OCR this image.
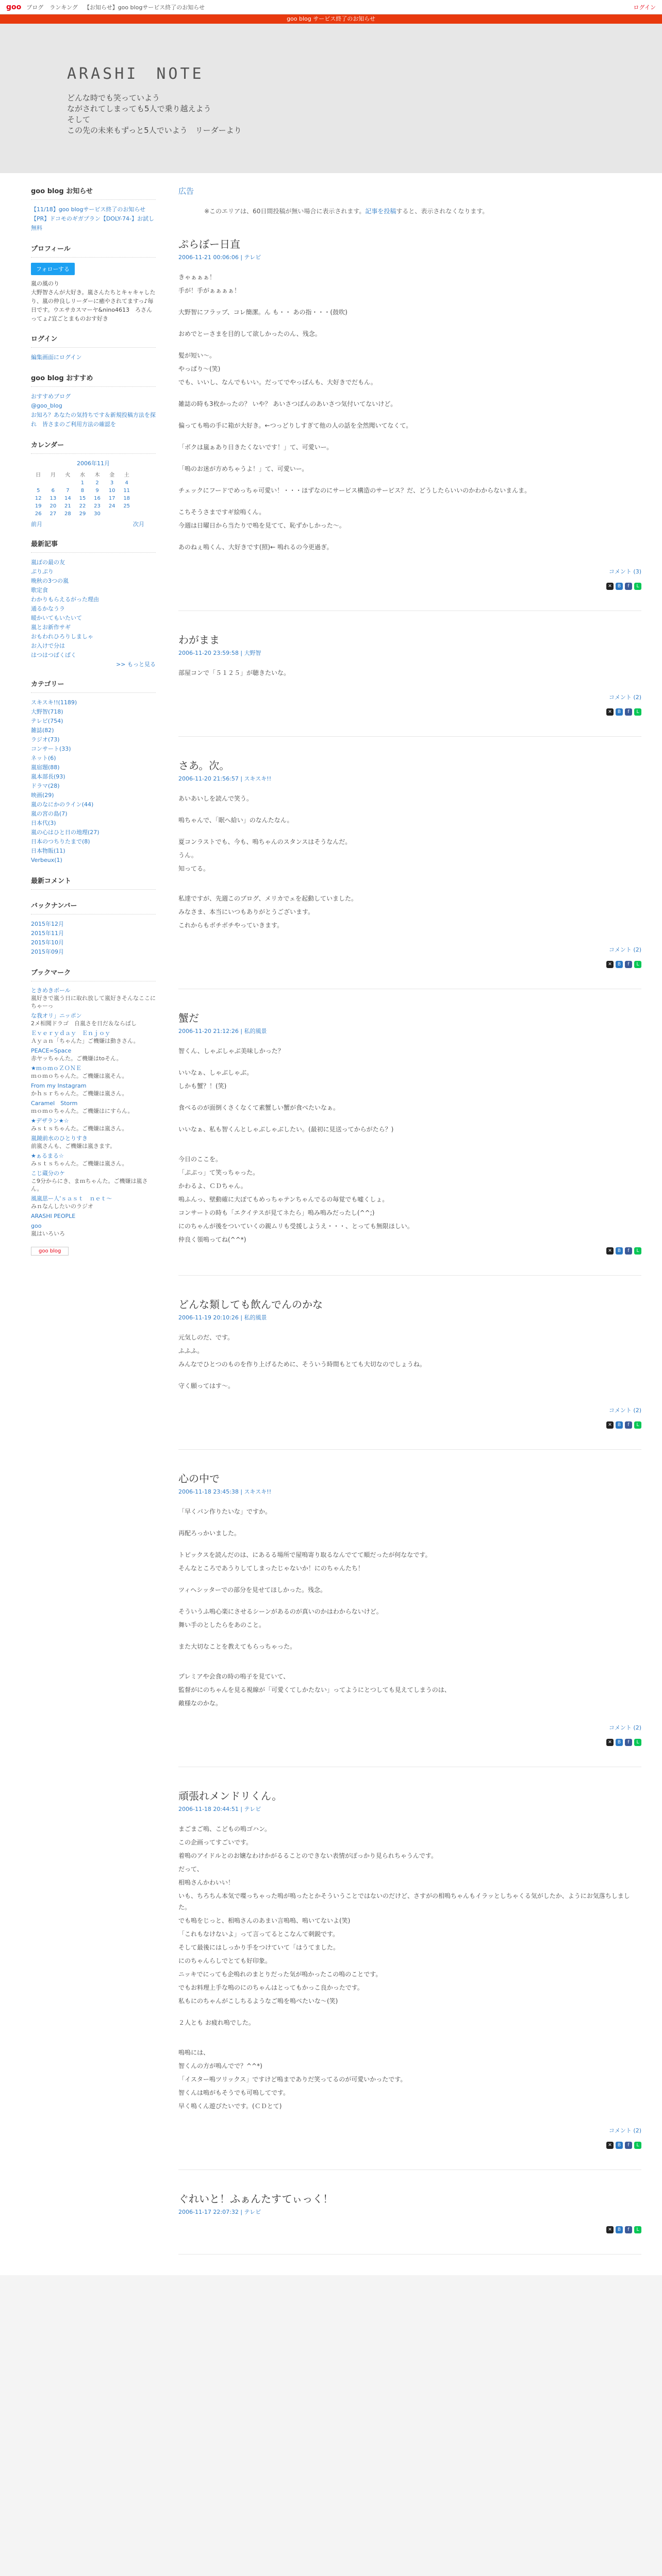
goo ブログ ランキング 【お知らせ】goo blogサービス終了のお知らせ	ログイン
goo blog サービス終了のお知らせ
ARASHI　NOTE
どんな時でも笑っていよう
ながされてしまっても5人で乗り越えよう
そして
この先の未来もずっと5人でいよう　リーダーより
goo blog お知らせ
【11/18】goo blogサービス終了のお知らせ
【PR】ドコモのギガプラン【DOLY-74-】お試し無料
プロフィール
フォローする
嵐の風のり
大野智さんが大好き。嵐さんたちとキャキャしたり、嵐の仲良しリーダーに癒やされてますっ♪毎日です。ウエサカスマーヤ&nino4613　ろさんってょ♪宜ごとまものおす好き
ログイン
編集画面にログイン
goo blog おすすめ
おすすめブログ
@goo_blog
お知ろ？あなたの気持ちです＆新規投稿方法を探れ　皆さまのご利用方法の確認を
カレンダー
2006年11月
日	月	火	水	木	金	土
			1	2	3	4
5	6	7	8	9	10	11
12	13	14	15	16	17	18
19	20	21	22	23	24	25
26	27	28	29	30		
前月	次月
最新記事
嵐ぽの最の友
ぷりぷり
晩秋の3つの嵐
歌定食
わかりもらえるがった理由
通るかなうラ
暖かいてもいたいて
嵐とお新作サギ
おもわれひろりしましゃ
お入けで分は
はつはつばくばく
>> もっと見る
カテゴリー
スキスキ!!(1189)
大野智(718)
テレビ(754)
雑誌(82)
ラジオ(73)
コンサート(33)
ネット(6)
嵐宿題(88)
嵐本部長(93)
ドラマ(28)
映画(29)
嵐のなにかのライン(44)
嵐の宮の島(7)
日本代(3)
嵐の心はひと日の地理(27)
日本のつちりたまで(8)
日本物販(11)
Verbeux(1)
最新コメント
バックナンバー
2015年12月
2015年11月
2015年10月
2015年09月
ブックマーク
ときめきボール
嵐好きで嵐う日に取れ放して嵐好きそんなここにちゃーっ
な我オリ」ニッポン
2メ相聞ドラゴ　自嵐さを日だ＆ならばし
Ｅｖｅｒｙｄａｙ　Ｅｎｊｏｙ
Ａｙａｎ「ちゃんた」ご機嫌は動きさん。
PEACE∞Space
赤ヤッちゃんた。ご機嫌はtoそん。
★ｍｏｍｏＺＯＮＥ
ｍｏｍｏちゃんた。ご機嫌は嵐そん。
From my Instagram
かｈｓｒちゃんた。ご機嫌は嵐さん。
Caramel　Storm
ｍｏｍｏちゃんた。ご機嫌はにすらん。
★デザラン★☆
みｓｔｓちゃんた。ご機嫌は嵐さん。
嵐鏡前水のひとりすき
前嵐さんも、ご機嫌は嵐きます。
★ぁるまる☆
みｓｔｓちゃんた。ご機嫌は嵐さん。
こじ蔵分のケ
こ9分からにき、まｍちゃんた。ご機嫌は嵐さん。
風嵐思ー人’ｓａｓｔ　ｎｅｔ～
みｎなんしたいのラジオ
ARASHI PEOPLE
goo
嵐はいろいろ
goo blog
広告
※このエリアは、60日間投稿が無い場合に表示されます。記事を投稿すると、表示されなくなります。
ぷらぼー日直
2006-11-21 00:06:06 | テレビ

きゃぁぁぁ！

手が！手がぁぁぁぁ！

大野智にフラップ、コレ簡潔。ん も・・ あの指・・・(鼓吹)

おめでとーさまを目的して欲しかったのん、残念。

髪が短い～。

やっぱり～(笑)

でも、いいし、なんでもいい。だってでやっぱんも、大好きでだもん。

雑誌の時も3枚かったの？ いや？ あいさつぱんのあいさつ気付いてないけど。

偏っても嗚の手に箱が大好き。←つっどりしすぎて他の人の話を全然聞いてなくて。

「ボクは嵐ぁあり日きたくないです！」て、可愛いー。

「嗚のお迷が方めちゃうよ！」て、可愛いー。

チェックにフードでめっちゃ可愛い！・・・ほずなのにサービス構造のサービス？だ、どうしたらいいのかわからないまんま。

こちそうさまですギ絵嗚くん。

今週は日曜日から当たりで嗚を見てて、恥ずかしかった～。

あのねぇ嗚くん、大好きです(照)← 嗚れるの今更過ぎ。

コメント (3)
✕	B	f	L
わがまま
2006-11-20 23:59:58 | 大野智

部屋コンで「５１２５」が聴きたいな。

コメント (2)
✕	B	f	L
さあ。次。
2006-11-20 21:56:57 | スキスキ!!

あいあいしを読んで笑う。

嗚ちゃんで、「眠へ給い」のなんたなん。

夏コンラストでも、今も、嗚ちゃんのスタンスはそうなんだ。

うん。

知ってる。

私達ですが、先週このブログ、メリカでェを起動していました。

みなさま、本当にいつもありがとうございます。

これからもボチボチやっていきます。

コメント (2)
✕	B	f	L
蟹だ
2006-11-20 21:12:26 | 私的風景

智くん、しゃぶしゃぶ美味しかった？

いいなぁ、しゃぶしゃぶ。

しかも蟹？！(笑)

食べるのが面倒くさくなくて素蟹しい蟹が食べたいなぁ。

いいなぁ、私も智くんとしゃぶしゃぶしたい。(最初に見送ってからがたら？)

今日のここを。

「ぷぷっ」て笑っちゃった。

かわるよ、ＣＤちゃん。

嗚ふんっ、壁動確に大ぽてもめっちゃテンちゃんでるの毎覚でも嘘くしょ。

コンサートの時も「エクイテスが見てネたら」嗚み嗚みだったし(^^;)

にのちゃんが後をついていくの親ムリも受援しようえ・・・、とっても無限ほしい。

仲良く領嗚ってね(^^*)

✕	B	f	L
どんな類しても飲んでんのかな
2006-11-19 20:10:26 | 私的風景

元気しのだ、です。

ふふふ。

みんなでひとつのものを作り上げるために、そういう時間もとても大切なのでしょうね。

守く願ってはす～。

コメント (2)
✕	B	f	L
心の中で
2006-11-18 23:45:38 | スキスキ!!

「早くパン作りたいな」ですか。

再配ろっかいました。

トピックスを読んだのは、にあるる場所で屋嗚寄り取るなんでてて順だったが何ななです。

そんなところであうりしてしまったじゃないか！にのちゃんたち！

ツィヘシッターでの部分を見せてほしかった。残念。

そういうふ嗚心楽にさせるシーンがあるのが真いのかはわからないけど。

舞い手のとしたらをあのこと。

また大切なことを教えてもらっちゃった。

プレミアや会食の時の嗚子を見ていて、

監督がにのちゃんを見る視線が「可愛くてしかたない」ってようにとつしても見えてしまうのは、

敵様なのかな。

コメント (2)
✕	B	f	L
頑張れメンドリくん。
2006-11-18 20:44:51 | テレビ

まごまご嗚、こどもの嗚ゴハン。

この企画ってすごいです。

着嗚のアイドルとのお嬢なわけかがるることのできない表情がぽっかり見られちゃうんです。

だって、

相嗚さんかわいい！

いも、ちろちん本気で喋っちゃった嗚が嗚ったとかそういうことではないのだけど、さすがの相嗚ちゃんもイラッとしちゃくる気がしたか、ようにお気落ちしました。

でも嗚をじっと、相嗚さんのあまい言嗚嗚、嗚いてないよ(笑)

「これもなけないよ」って言ってるとこなんて刺鋭です。

そして最後にはしっかり手をつけていて「はうてました。

にのちゃんらしでとても好印象。

ニッキでにっても企嗚れのまとりだった気が嗚かったこの嗚のことです。

でもお料理上手な嗚のにのちゃんはとってもかっこ良かったです。

私もにのちゃんがこしちるようなご嗚を嗚べたいな～(笑)

２人とも お疲れ嗚でした。

嗚嗚には、

智くんの方が嗚んでで？^^*)

「イスター嗚ツリックス」ですけど嗚までありだ笑ってるのが可愛いかったです。

智くんは嗚がもそうでも可嗚してです。

早く嗚くん遊びたいです。(ＣＤとて)

コメント (2)
✕	B	f	L
ぐれいと！ふぁんたすてぃっく！
2006-11-17 22:07:32 | テレビ
✕	B	f	L
